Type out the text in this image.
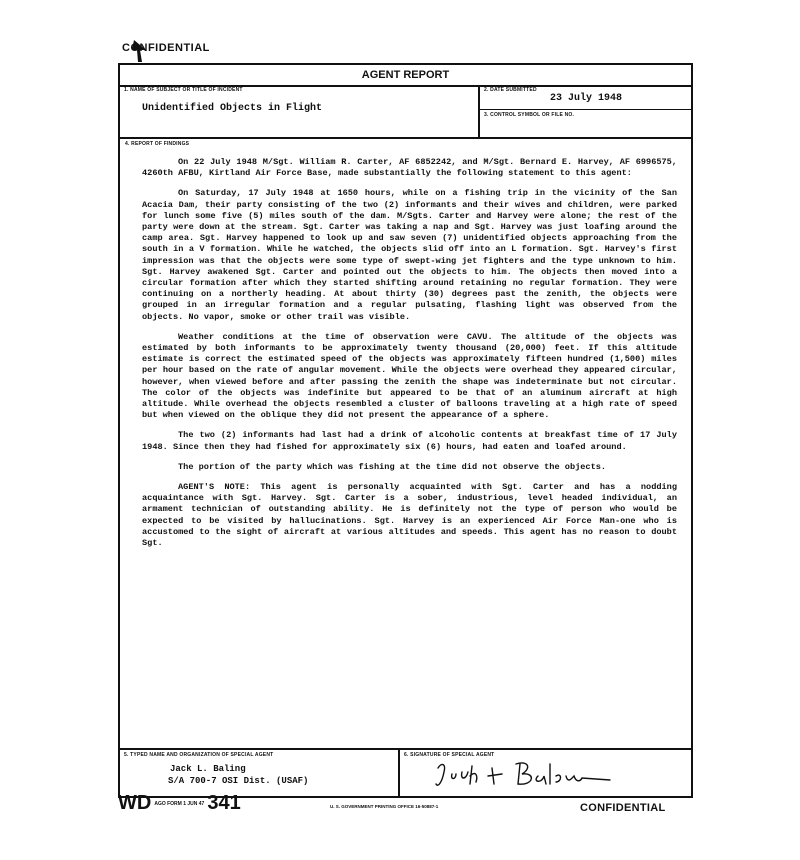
CONFIDENTIAL
AGENT REPORT
1. NAME OF SUBJECT OR TITLE OF INCIDENT
Unidentified Objects in Flight
2. DATE SUBMITTED
23 July 1948
3. CONTROL SYMBOL OR FILE NO.
4. REPORT OF FINDINGS

On 22 July 1948 M/Sgt. William R. Carter, AF 6852242, and M/Sgt. Bernard E. Harvey, AF 6996575, 4260th AFBU, Kirtland Air Force Base, made substantially the following statement to this agent:

On Saturday, 17 July 1948 at 1650 hours, while on a fishing trip in the vicinity of the San Acacia Dam, their party consisting of the two (2) informants and their wives and children, were parked for lunch some five (5) miles south of the dam. M/Sgts. Carter and Harvey were alone; the rest of the party were down at the stream. Sgt. Carter was taking a nap and Sgt. Harvey was just loafing around the camp area. Sgt. Harvey happened to look up and saw seven (7) unidentified objects approaching from the south in a V formation. While he watched, the objects slid off into an L formation. Sgt. Harvey's first impression was that the objects were some type of swept-wing jet fighters and the type unknown to him. Sgt. Harvey awakened Sgt. Carter and pointed out the objects to him. The objects then moved into a circular formation after which they started shifting around retaining no regular formation. They were continuing on a northerly heading. At about thirty (30) degrees past the zenith, the objects were grouped in an irregular formation and a regular pulsating, flashing light was observed from the objects. No vapor, smoke or other trail was visible.

Weather conditions at the time of observation were CAVU. The altitude of the objects was estimated by both informants to be approximately twenty thousand (20,000) feet. If this altitude estimate is correct the estimated speed of the objects was approximately fifteen hundred (1,500) miles per hour based on the rate of angular movement. While the objects were overhead they appeared circular, however, when viewed before and after passing the zenith the shape was indeterminate but not circular. The color of the objects was indefinite but appeared to be that of an aluminum aircraft at high altitude. While overhead the objects resembled a cluster of balloons traveling at a high rate of speed but when viewed on the oblique they did not present the appearance of a sphere.

The two (2) informants had last had a drink of alcoholic contents at breakfast time of 17 July 1948. Since then they had fished for approximately six (6) hours, had eaten and loafed around.

The portion of the party which was fishing at the time did not observe the objects.

AGENT'S NOTE: This agent is personally acquainted with Sgt. Carter and has a nodding acquaintance with Sgt. Harvey. Sgt. Carter is a sober, industrious, level headed individual, an armament technician of outstanding ability. He is definitely not the type of person who would be expected to be visited by hallucinations. Sgt. Harvey is an experienced Air Force Man-one who is accustomed to the sight of aircraft at various altitudes and speeds. This agent has no reason to doubt Sgt.

5. TYPED NAME AND ORGANIZATION OF SPECIAL AGENT
Jack L. Baling
S/A 700-7 OSI Dist. (USAF)
6. SIGNATURE OF SPECIAL AGENT
WD AGO FORM 1 JUN 47 341	U. S. GOVERNMENT PRINTING OFFICE 16-50887-1	CONFIDENTIAL
